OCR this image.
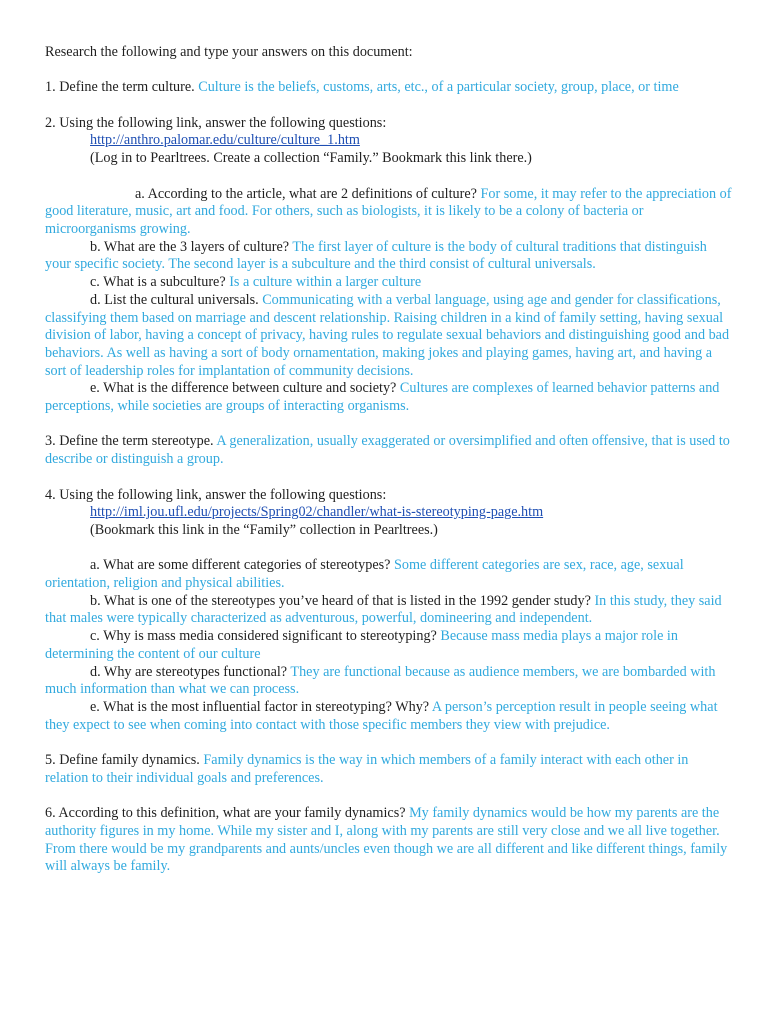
Research the following and type your answers on this document:

1. Define the term culture. Culture is the beliefs, customs, arts, etc., of a particular society, group, place, or time

2. Using the following link, answer the following questions:

http://anthro.palomar.edu/culture/culture_1.htm

(Log in to Pearltrees. Create a collection “Family.” Bookmark this link there.)

a. According to the article, what are 2 definitions of culture? For some, it may refer to the appreciation of good literature, music, art and food. For others, such as biologists, it is likely to be a colony of bacteria or microorganisms growing.

b. What are the 3 layers of culture? The first layer of culture is the body of cultural traditions that distinguish your specific society. The second layer is a subculture and the third consist of cultural universals.

c. What is a subculture? Is a culture within a larger culture

d. List the cultural universals. Communicating with a verbal language, using age and gender for classifications, classifying them based on marriage and descent relationship. Raising children in a kind of family setting, having sexual division of labor, having a concept of privacy, having rules to regulate sexual behaviors and distinguishing good and bad behaviors. As well as having a sort of body ornamentation, making jokes and playing games, having art, and having a sort of leadership roles for implantation of community decisions.

e. What is the difference between culture and society? Cultures are complexes of learned behavior patterns and perceptions, while societies are groups of interacting organisms.

3. Define the term stereotype. A generalization, usually exaggerated or oversimplified and often offensive, that is used to describe or distinguish a group.

4. Using the following link, answer the following questions:

http://iml.jou.ufl.edu/projects/Spring02/chandler/what-is-stereotyping-page.htm

(Bookmark this link in the “Family” collection in Pearltrees.)

a. What are some different categories of stereotypes? Some different categories are sex, race, age, sexual orientation, religion and physical abilities.

b. What is one of the stereotypes you’ve heard of that is listed in the 1992 gender study? In this study, they said that males were typically characterized as adventurous, powerful, domineering and independent.

c. Why is mass media considered significant to stereotyping? Because mass media plays a major role in determining the content of our culture

d. Why are stereotypes functional? They are functional because as audience members, we are bombarded with much information than what we can process.

e. What is the most influential factor in stereotyping? Why? A person’s perception result in people seeing what they expect to see when coming into contact with those specific members they view with prejudice.

5. Define family dynamics. Family dynamics is the way in which members of a family interact with each other in relation to their individual goals and preferences.

6. According to this definition, what are your family dynamics? My family dynamics would be how my parents are the authority figures in my home. While my sister and I, along with my parents are still very close and we all live together. From there would be my grandparents and aunts/uncles even though we are all different and like different things, family will always be family.
